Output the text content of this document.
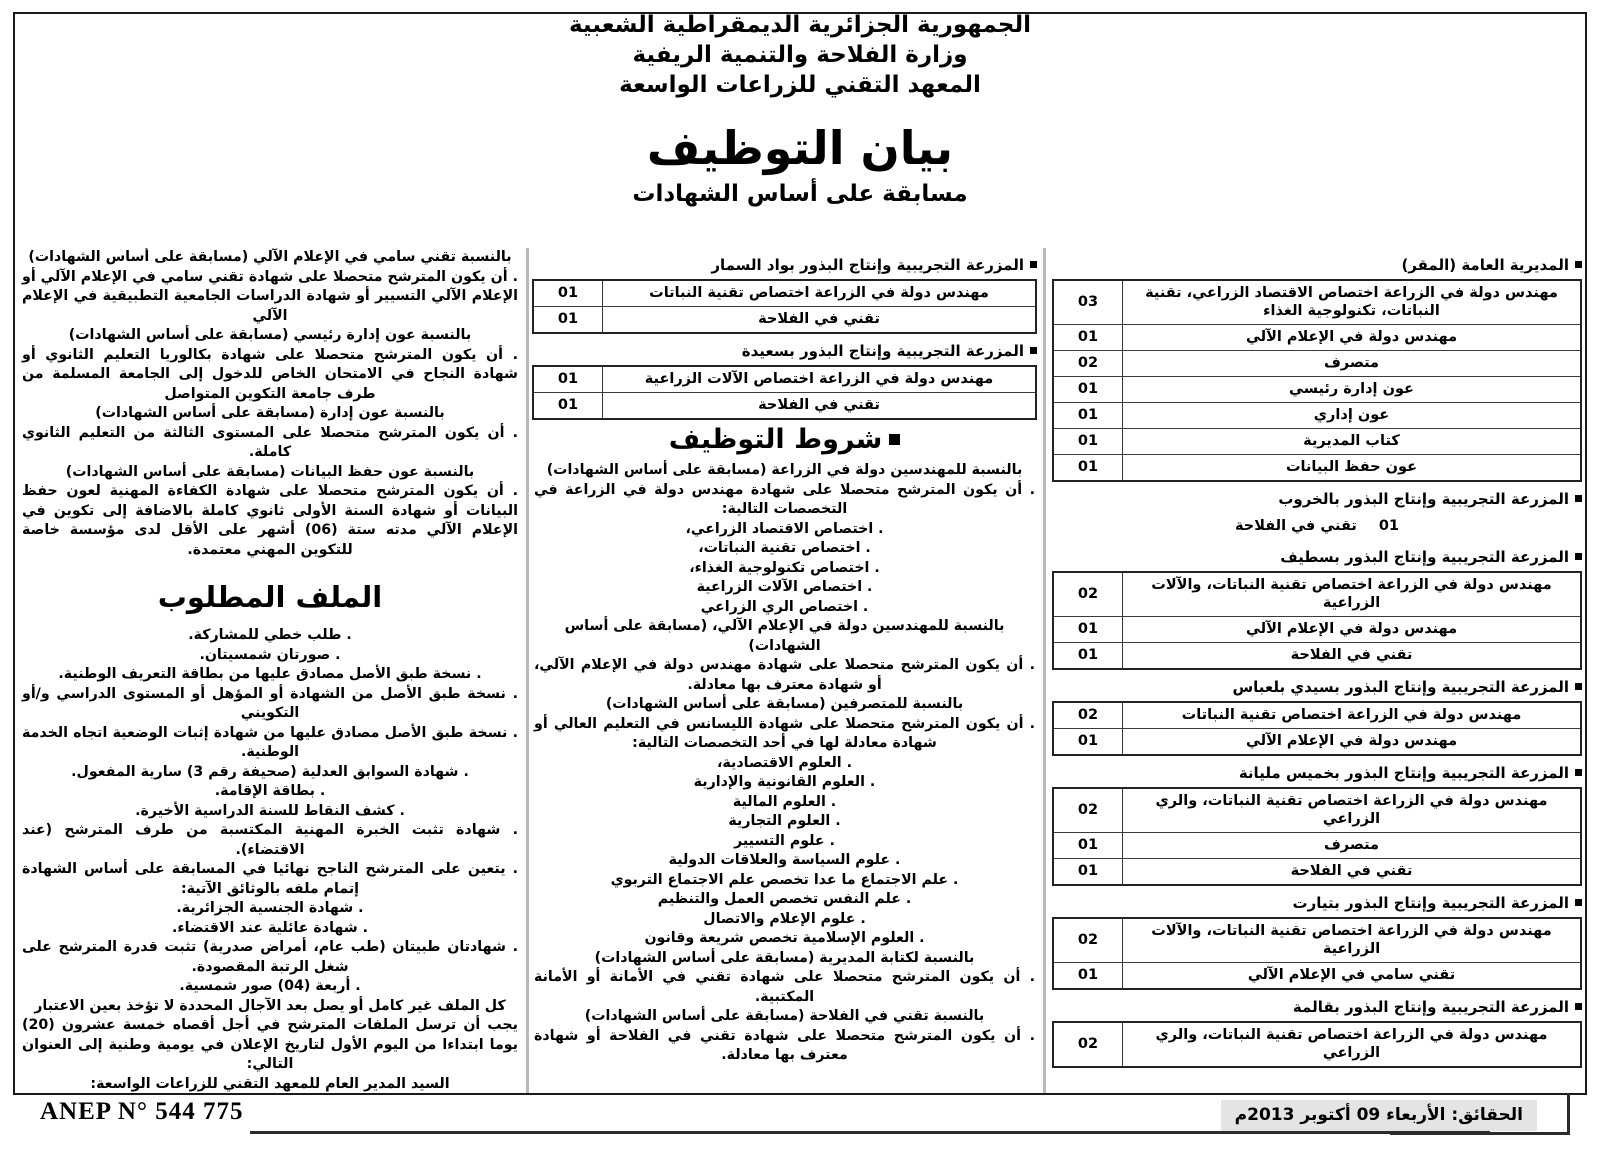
الجمهورية الجزائرية الديمقراطية الشعبية
وزارة الفلاحة والتنمية الريفية
المعهد التقني للزراعات الواسعة
بيان التوظيف
مسابقة على أساس الشهادات
المديرية العامة (المقر)
مهندس دولة في الزراعة اختصاص الاقتصاد الزراعي، تقنية النباتات، تكنولوجية الغذاء	03
مهندس دولة في الإعلام الآلي	01
متصرف	02
عون إدارة رئيسي	01
عون إداري	01
كتاب المديرية	01
عون حفظ البيانات	01
المزرعة التجريبية وإنتاج البذور بالخروب
تقني في الفلاحة 01
المزرعة التجريبية وإنتاج البذور بسطيف
مهندس دولة في الزراعة اختصاص تقنية النباتات، والآلات الزراعية	02
مهندس دولة في الإعلام الآلي	01
تقني في الفلاحة	01
المزرعة التجريبية وإنتاج البذور بسيدي بلعباس
مهندس دولة في الزراعة اختصاص تقنية النباتات	02
مهندس دولة في الإعلام الآلي	01
المزرعة التجريبية وإنتاج البذور بخميس مليانة
مهندس دولة في الزراعة اختصاص تقنية النباتات، والري الزراعي	02
متصرف	01
تقني في الفلاحة	01
المزرعة التجريبية وإنتاج البذور بتيارت
مهندس دولة في الزراعة اختصاص تقنية النباتات، والآلات الزراعية	02
تقني سامي في الإعلام الآلي	01
المزرعة التجريبية وإنتاج البذور بقالمة
مهندس دولة في الزراعة اختصاص تقنية النباتات، والري الزراعي	02
المزرعة التجريبية وإنتاج البذور بواد السمار
مهندس دولة في الزراعة اختصاص تقنية النباتات	01
تقني في الفلاحة	01
المزرعة التجريبية وإنتاج البذور بسعيدة
مهندس دولة في الزراعة اختصاص الآلات الزراعية	01
تقني في الفلاحة	01
شروط التوظيف
بالنسبة للمهندسين دولة في الزراعة (مسابقة على أساس الشهادات)
. أن يكون المترشح متحصلا على شهادة مهندس دولة في الزراعة في التخصصات التالية:
. اختصاص الاقتصاد الزراعي،
. اختصاص تقنية النباتات،
. اختصاص تكنولوجية الغذاء،
. اختصاص الآلات الزراعية
. اختصاص الري الزراعي
بالنسبة للمهندسين دولة في الإعلام الآلي، (مسابقة على أساس الشهادات)
. أن يكون المترشح متحصلا على شهادة مهندس دولة في الإعلام الآلي، أو شهادة معترف بها معادلة.
بالنسبة للمتصرفين (مسابقة على أساس الشهادات)
. أن يكون المترشح متحصلا على شهادة الليسانس في التعليم العالي أو شهادة معادلة لها في أحد التخصصات التالية:
. العلوم الاقتصادية،
. العلوم القانونية والإدارية
. العلوم المالية
. العلوم التجارية
. علوم التسيير
. علوم السياسة والعلاقات الدولية
. علم الاجتماع ما عدا تخصص علم الاجتماع التربوي
. علم النفس تخصص العمل والتنظيم
. علوم الإعلام والاتصال
. العلوم الإسلامية تخصص شريعة وقانون
بالنسبة لكتابة المديرية (مسابقة على أساس الشهادات)
. أن يكون المترشح متحصلا على شهادة تقني في الأمانة أو الأمانة المكتبية.
بالنسبة تقني في الفلاحة (مسابقة على أساس الشهادات)
. أن يكون المترشح متحصلا على شهادة تقني في الفلاحة أو شهادة معترف بها معادلة.
بالنسبة تقني سامي في الإعلام الآلي (مسابقة على أساس الشهادات)
. أن يكون المترشح متحصلا على شهادة تقني سامي في الإعلام الآلي أو الإعلام الآلي التسيير أو شهادة الدراسات الجامعية التطبيقية في الإعلام الآلي
بالنسبة عون إدارة رئيسي (مسابقة على أساس الشهادات)
. أن يكون المترشح متحصلا على شهادة بكالوريا التعليم الثانوي أو شهادة النجاح في الامتحان الخاص للدخول إلى الجامعة المسلمة من طرف جامعة التكوين المتواصل
بالنسبة عون إدارة (مسابقة على أساس الشهادات)
. أن يكون المترشح متحصلا على المستوى الثالثة من التعليم الثانوي كاملة.
بالنسبة عون حفظ البيانات (مسابقة على أساس الشهادات)
. أن يكون المترشح متحصلا على شهادة الكفاءة المهنية لعون حفظ البيانات أو شهادة السنة الأولى ثانوي كاملة بالاضافة إلى تكوين في الإعلام الآلي مدته ستة (06) أشهر على الأقل لدى مؤسسة خاصة للتكوين المهني معتمدة.
الملف المطلوب
. طلب خطي للمشاركة.
. صورتان شمسيتان.
. نسخة طبق الأصل مصادق عليها من بطاقة التعريف الوطنية.
. نسخة طبق الأصل من الشهادة أو المؤهل أو المستوى الدراسي و/أو التكويني
. نسخة طبق الأصل مصادق عليها من شهادة إثبات الوضعية اتجاه الخدمة الوطنية.
. شهادة السوابق العدلية (صحيفة رقم 3) سارية المفعول.
. بطاقة الإقامة.
. كشف النقاط للسنة الدراسية الأخيرة.
. شهادة تثبت الخبرة المهنية المكتسبة من طرف المترشح (عند الاقتضاء).
. يتعين على المترشح الناجح نهائيا في المسابقة على أساس الشهادة إتمام ملفه بالوثائق الآتية:
. شهادة الجنسية الجزائرية.
. شهادة عائلية عند الاقتضاء.
. شهادتان طبيتان (طب عام، أمراض صدرية) تثبت قدرة المترشح على شغل الرتبة المقصودة.
. أربعة (04) صور شمسية.
كل الملف غير كامل أو يصل بعد الآجال المحددة لا تؤخذ بعين الاعتبار
يجب أن ترسل الملفات المترشح في أجل أقصاه خمسة عشرون (20) يوما ابتداءا من اليوم الأول لتاريخ الإعلان في يومية وطنية إلى العنوان التالي:
السيد المدير العام للمعهد التقني للزراعات الواسعة:
ANEP N° 544 775	الحقائق: الأربعاء 09 أكتوبر 2013م
